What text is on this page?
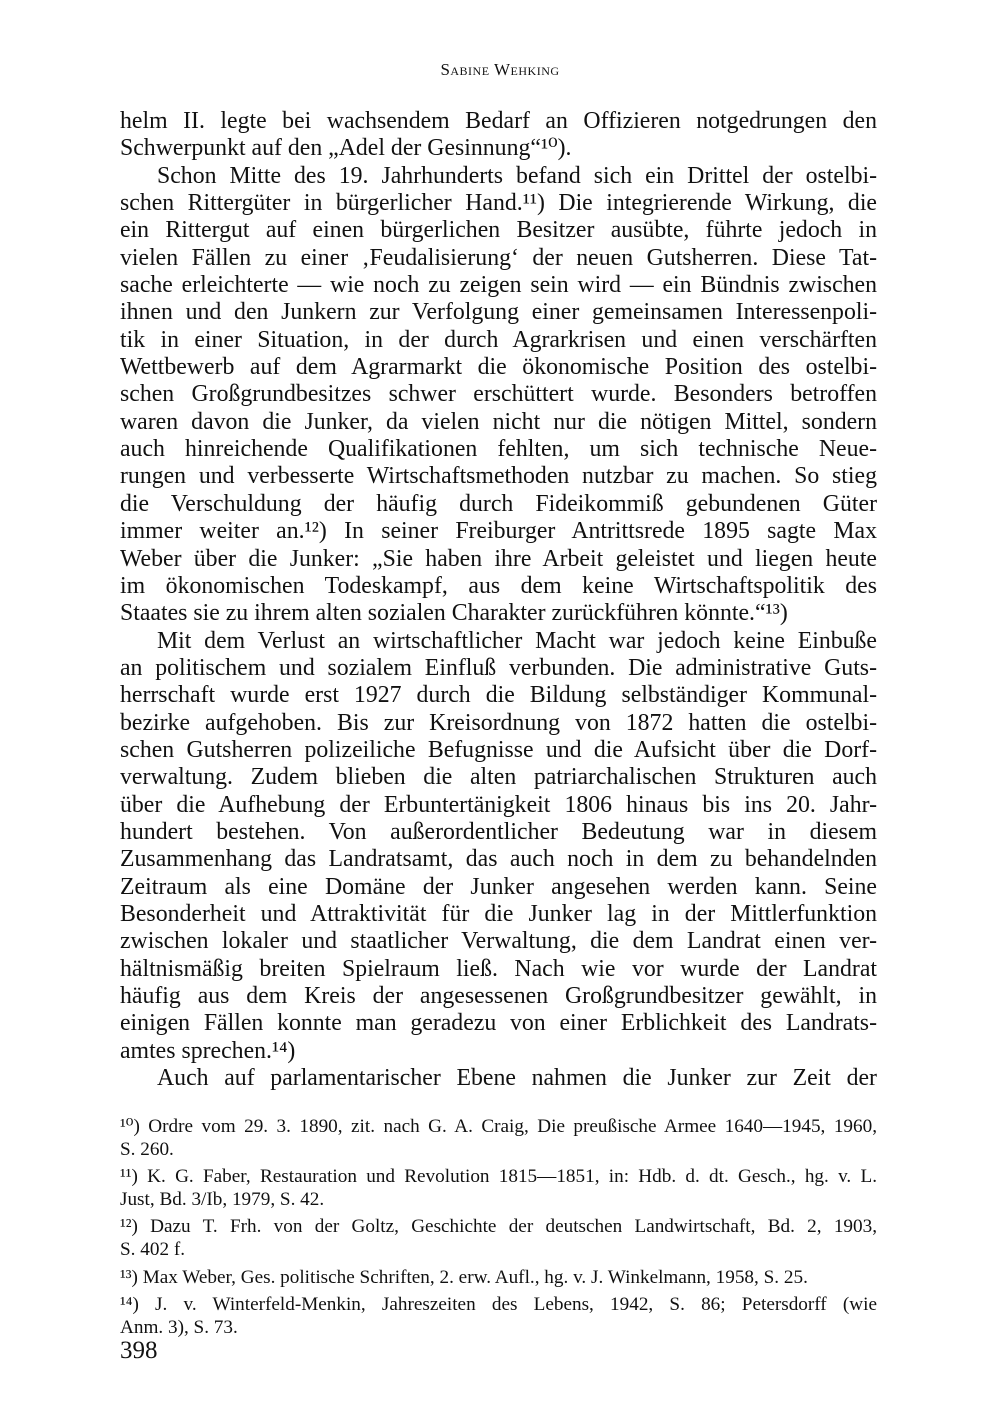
Sabine Wehking
helm II. legte bei wachsendem Bedarf an Offizieren notgedrungen den
Schwerpunkt auf den „Adel der Gesinnung“¹⁰).
Schon Mitte des 19. Jahrhunderts befand sich ein Drittel der ostelbi-
schen Rittergüter in bürgerlicher Hand.¹¹) Die integrierende Wirkung, die
ein Rittergut auf einen bürgerlichen Besitzer ausübte, führte jedoch in
vielen Fällen zu einer ‚Feudalisierung‘ der neuen Gutsherren. Diese Tat-
sache erleichterte — wie noch zu zeigen sein wird — ein Bündnis zwischen
ihnen und den Junkern zur Verfolgung einer gemeinsamen Interessenpoli-
tik in einer Situation, in der durch Agrarkrisen und einen verschärften
Wettbewerb auf dem Agrarmarkt die ökonomische Position des ostelbi-
schen Großgrundbesitzes schwer erschüttert wurde. Besonders betroffen
waren davon die Junker, da vielen nicht nur die nötigen Mittel, sondern
auch hinreichende Qualifikationen fehlten, um sich technische Neue-
rungen und verbesserte Wirtschaftsmethoden nutzbar zu machen. So stieg
die Verschuldung der häufig durch Fideikommiß gebundenen Güter
immer weiter an.¹²) In seiner Freiburger Antrittsrede 1895 sagte Max
Weber über die Junker: „Sie haben ihre Arbeit geleistet und liegen heute
im ökonomischen Todeskampf, aus dem keine Wirtschaftspolitik des
Staates sie zu ihrem alten sozialen Charakter zurückführen könnte.“¹³)
Mit dem Verlust an wirtschaftlicher Macht war jedoch keine Einbuße
an politischem und sozialem Einfluß verbunden. Die administrative Guts-
herrschaft wurde erst 1927 durch die Bildung selbständiger Kommunal-
bezirke aufgehoben. Bis zur Kreisordnung von 1872 hatten die ostelbi-
schen Gutsherren polizeiliche Befugnisse und die Aufsicht über die Dorf-
verwaltung. Zudem blieben die alten patriarchalischen Strukturen auch
über die Aufhebung der Erbuntertänigkeit 1806 hinaus bis ins 20. Jahr-
hundert bestehen. Von außerordentlicher Bedeutung war in diesem
Zusammenhang das Landratsamt, das auch noch in dem zu behandelnden
Zeitraum als eine Domäne der Junker angesehen werden kann. Seine
Besonderheit und Attraktivität für die Junker lag in der Mittlerfunktion
zwischen lokaler und staatlicher Verwaltung, die dem Landrat einen ver-
hältnismäßig breiten Spielraum ließ. Nach wie vor wurde der Landrat
häufig aus dem Kreis der angesessenen Großgrundbesitzer gewählt, in
einigen Fällen konnte man geradezu von einer Erblichkeit des Landrats-
amtes sprechen.¹⁴)
Auch auf parlamentarischer Ebene nahmen die Junker zur Zeit der
¹⁰) Ordre vom 29. 3. 1890, zit. nach G. A. Craig, Die preußische Armee 1640—1945, 1960,
S. 260.
¹¹) K. G. Faber, Restauration und Revolution 1815—1851, in: Hdb. d. dt. Gesch., hg. v. L.
Just, Bd. 3/Ib, 1979, S. 42.
¹²) Dazu T. Frh. von der Goltz, Geschichte der deutschen Landwirtschaft, Bd. 2, 1903,
S. 402 f.
¹³) Max Weber, Ges. politische Schriften, 2. erw. Aufl., hg. v. J. Winkelmann, 1958, S. 25.
¹⁴) J. v. Winterfeld-Menkin, Jahreszeiten des Lebens, 1942, S. 86; Petersdorff (wie
Anm. 3), S. 73.
398
